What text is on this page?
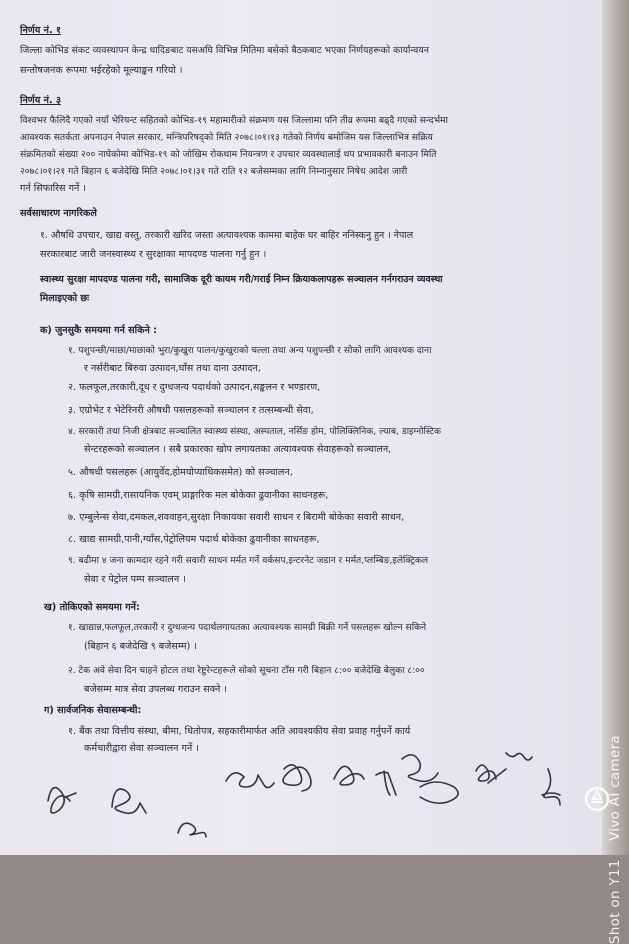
निर्णय नं. १
जिल्ला कोभिड संकट व्यवस्थापन केन्द्र धादिङबाट यसअघि विभिन्न मितिमा बसेको बैठकबाट भएका निर्णयहरूको कार्यान्वयन
सन्तोषजनक रूपमा भईरहेको मूल्याङ्कन गरियो ।
निर्णय नं. ३
विश्वभर फैलिदै गएको नयाँ भेरियन्ट सहितको कोभिड-१९ महामारीको संक्रमण यस जिल्लामा पनि तीव्र रूपमा बढ्दै गएको सन्दर्भमा
आवश्यक सतर्कता अपनाउन नेपाल सरकार, मन्त्रिपरिषद्को मिति २०७८।०१।१३ गतेको निर्णय बमोजिम यस जिल्लाभित्र सक्रिय
संक्रमितको संख्या २०० नाघेकोमा कोभिड-१९ को जोखिम रोकथाम नियन्त्रण र उपचार व्यवस्थालाई थप प्रभावकारी बनाउन मिति
२०७८।०१।२१ गते बिहान ६ बजेदेखि मिति २०७८।०१।३१ गते राति १२ बजेसम्मका लागि निम्नानुसार निषेध आदेश जारी
गर्न सिफारिस गर्ने ।
सर्वसाधारण नागरिकले
१. औषधि उपचार, खाद्य वस्तु, तरकारी खरिद जस्ता अत्यावश्यक काममा बाहेक घर बाहिर ननिस्कनु हुन । नेपाल
सरकारबाट जारी जनस्वास्थ्य र सुरक्षाका मापदण्ड पालना गर्नु हुन ।
स्वास्थ्य सुरक्षा मापदण्ड पालना गरी, सामाजिक दूरी कायम गरी/गराई निम्न क्रियाकलापहरू सञ्चालन गर्नगराउन व्यवस्था
मिलाइएको छः
क) जुनसुकै समयमा गर्न सकिने :
१. पशुपन्छी/माछा/माछाको भुरा/कुखुरा पालन/कुखुराको चल्ला तथा अन्य पशुपन्छी र सोको लागि आवश्यक दाना
र नर्सरीबाट बिरुवा उत्पादन,घाँस तथा दाना उत्पादन,
२. फलफूल,तरकारी,दूध र दुग्धजन्य पदार्थको उत्पादन,सङ्कलन र भण्डारण,
३. एग्रोभेट र भेटेरिनरी औषधी पसलहरूको सञ्चालन र तत्सम्बन्धी सेवा,
४. सरकारी तथा निजी क्षेत्रबाट सञ्चालित स्वास्थ्य संस्था, अस्पताल, नर्सिङ होम, पोलिक्लिनिक, ल्याब, डाइग्नोस्टिक
सेन्टरहरूको सञ्चालन । सबै प्रकारका खोप लगायतका अत्यावश्यक सेवाहरूको सञ्चालन,
५. औषधी पसलहरू (आयुर्वेद,होमयोप्याथिकसमेत) को सञ्चालन,
६. कृषि सामग्री,रासायनिक एवम् प्राङ्गारिक मल बोकेका ढुवानीका साधनहरू,
७. एम्बुलेन्स सेवा,दमकल,शववाहन,सुरक्षा निकायका सवारी साधन र बिरामी बोकेका सवारी साधन,
८. खाद्य सामग्री,पानी,ग्याँस,पेट्रोलियम पदार्थ बोकेका ढुवानीका साधनहरू,
९. बढीमा ४ जना कामदार रहने गरी सवारी साधन मर्मत गर्ने वर्कसप,इन्टरनेट जडान र मर्मत,प्लम्बिङ,इलेक्ट्रिकल
सेवा र पेट्रोल पम्प सञ्चालन ।
ख) तोकिएको समयमा गर्ने:
१. खाद्यान्न,फलफूल,तरकारी र दुग्धजन्य पदार्थलगायतका अत्यावश्यक सामग्री बिक्री गर्ने पसलहरू खोल्न सकिने
(बिहान ६ बजेदेखि ९ बजेसम्म) ।
२. टेक अवे सेवा दिन चाहने होटल तथा रेष्टुरेन्टहरूले सोको सूचना टाँस गरी बिहान ८:०० बजेदेखि बेलुका ८:००
बजेसम्म मात्र सेवा उपलब्ध गराउन सक्ने ।
ग) सार्वजनिक सेवासम्बन्धी:
१. बैंक तथा वित्तीय संस्था, बीमा, धितोपत्र, सहकारीमार्फत अति आवश्यकीय सेवा प्रवाह गर्नुपर्ने कार्य
कर्मचारीद्वारा सेवा सञ्चालन गर्ने ।
Shot on Y11    Vivo AI camera
